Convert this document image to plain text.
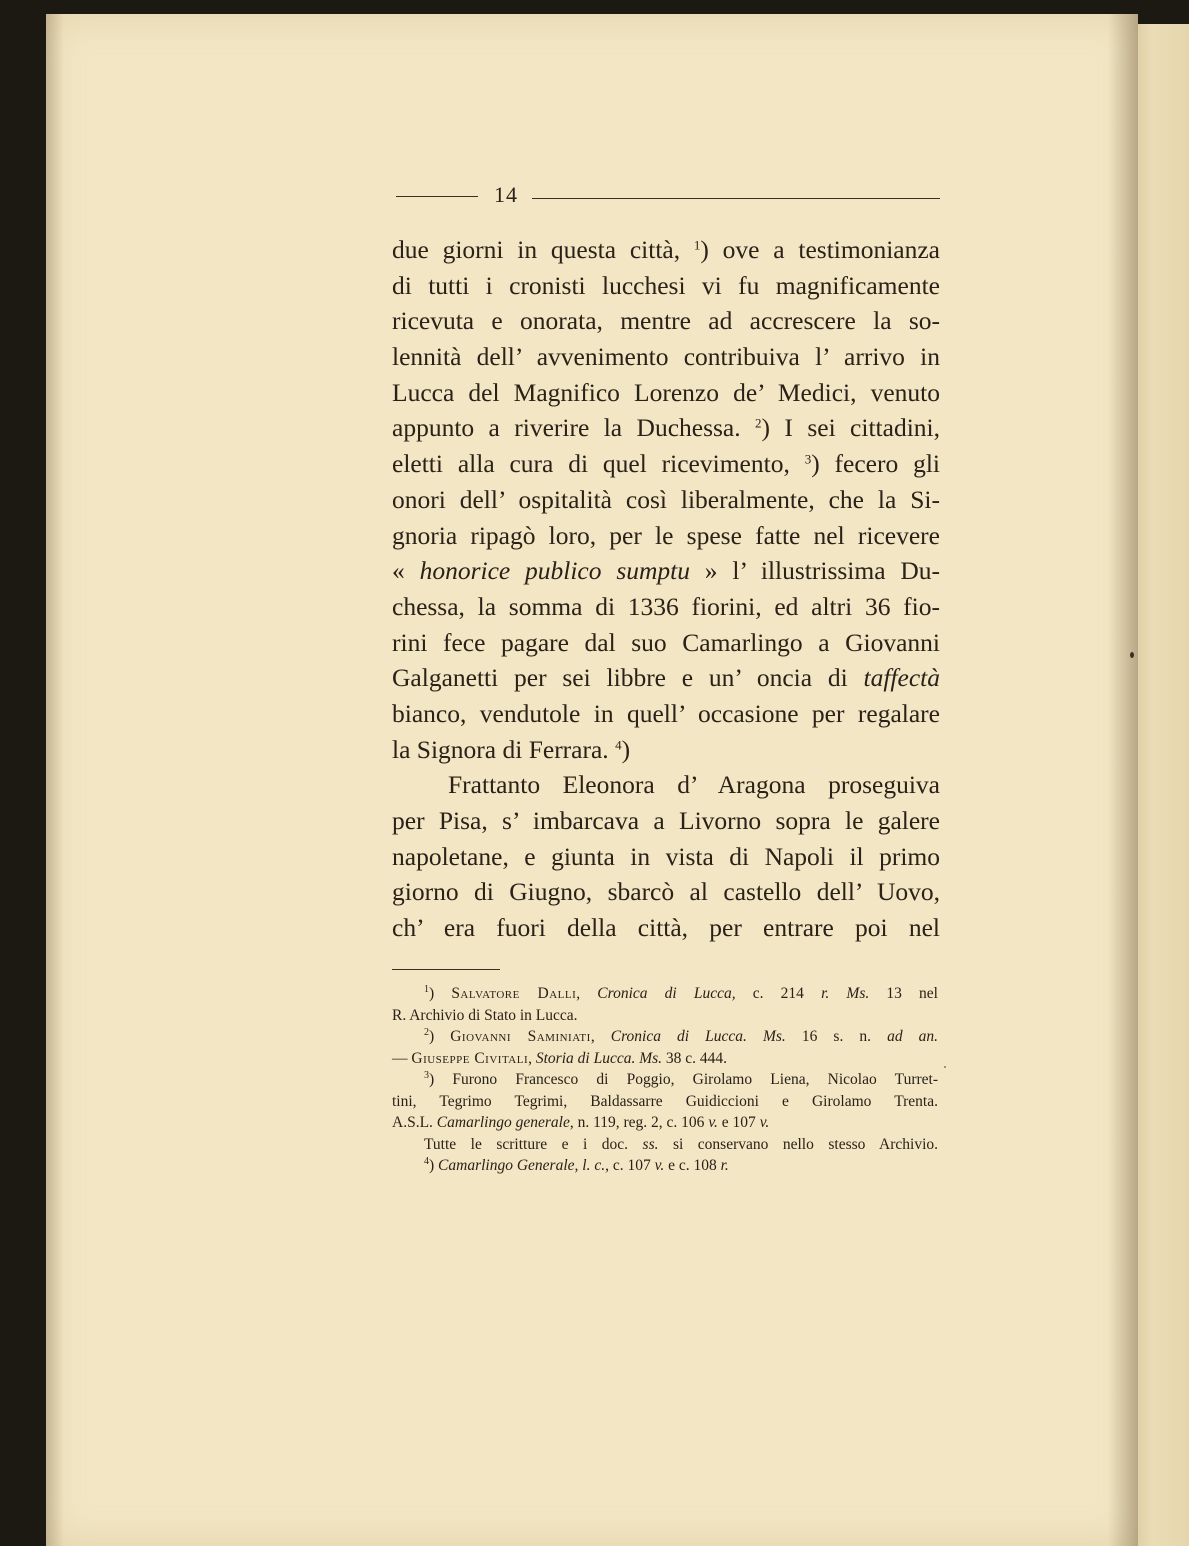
14
due giorni in questa città, $^1$) ove a testimonianza
di tutti i cronisti lucchesi vi fu magnificamente
ricevuta e onorata, mentre ad accrescere la so-
lennità dell’ avvenimento contribuiva l’ arrivo in
Lucca del Magnifico Lorenzo de’ Medici, venuto
appunto a riverire la Duchessa. $^2$) I sei cittadini,
eletti alla cura di quel ricevimento, $^3$) fecero gli
onori dell’ ospitalità così liberalmente, che la Si-
gnoria ripagò loro, per le spese fatte nel ricevere
« honorice publico sumptu » l’ illustrissima Du-
chessa, la somma di 1336 fiorini, ed altri 36 fio-
rini fece pagare dal suo Camarlingo a Giovanni
Galganetti per sei libbre e un’ oncia di taffectà
bianco, vendutole in quell’ occasione per regalare
la Signora di Ferrara. $^4$)
Frattanto Eleonora d’ Aragona proseguiva
per Pisa, s’ imbarcava a Livorno sopra le galere
napoletane, e giunta in vista di Napoli il primo
giorno di Giugno, sbarcò al castello dell’ Uovo,
ch’ era fuori della città, per entrare poi nel
$^1$) Salvatore Dalli, Cronica di Lucca, c. 214 r. Ms. 13 nel
R. Archivio di Stato in Lucca.
$^2$) Giovanni Saminiati, Cronica di Lucca. Ms. 16 s. n. ad an.
— Giuseppe Civitali, Storia di Lucca. Ms. 38 c. 444.
$^3$) Furono Francesco di Poggio, Girolamo Liena, Nicolao Turret-
tini, Tegrimo Tegrimi, Baldassarre Guidiccioni e Girolamo Trenta.
A.S.L. Camarlingo generale, n. 119, reg. 2, c. 106 v. e 107 v.
Tutte le scritture e i doc. ss. si conservano nello stesso Archivio.
$^4$) Camarlingo Generale, l. c., c. 107 v. e c. 108 r.
